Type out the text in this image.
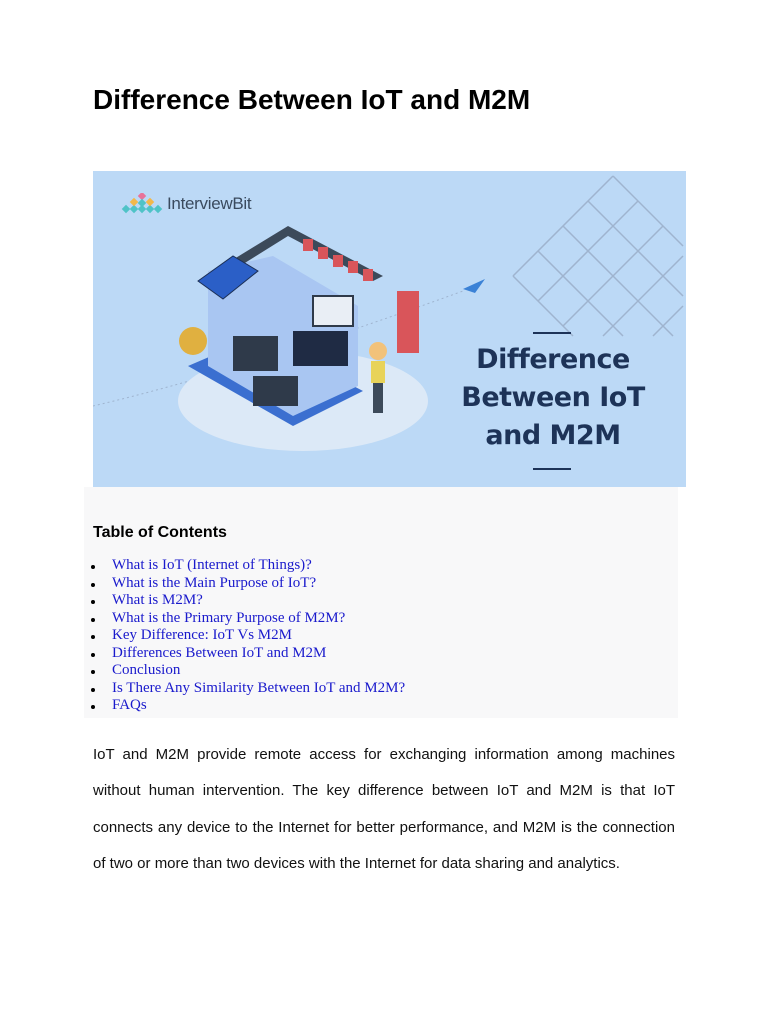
Difference Between IoT and M2M
InterviewBit
Difference
Between IoT
and M2M
Table of Contents
What is IoT (Internet of Things)?
What is the Main Purpose of IoT?
What is M2M?
What is the Primary Purpose of M2M?
Key Difference: IoT Vs M2M
Differences Between IoT and M2M
Conclusion
Is There Any Similarity Between IoT and M2M?
FAQs

IoT and M2M provide remote access for exchanging information among machines without human intervention. The key difference between IoT and M2M is that IoT connects any device to the Internet for better performance, and M2M is the connection of two or more than two devices with the Internet for data sharing and analytics.
